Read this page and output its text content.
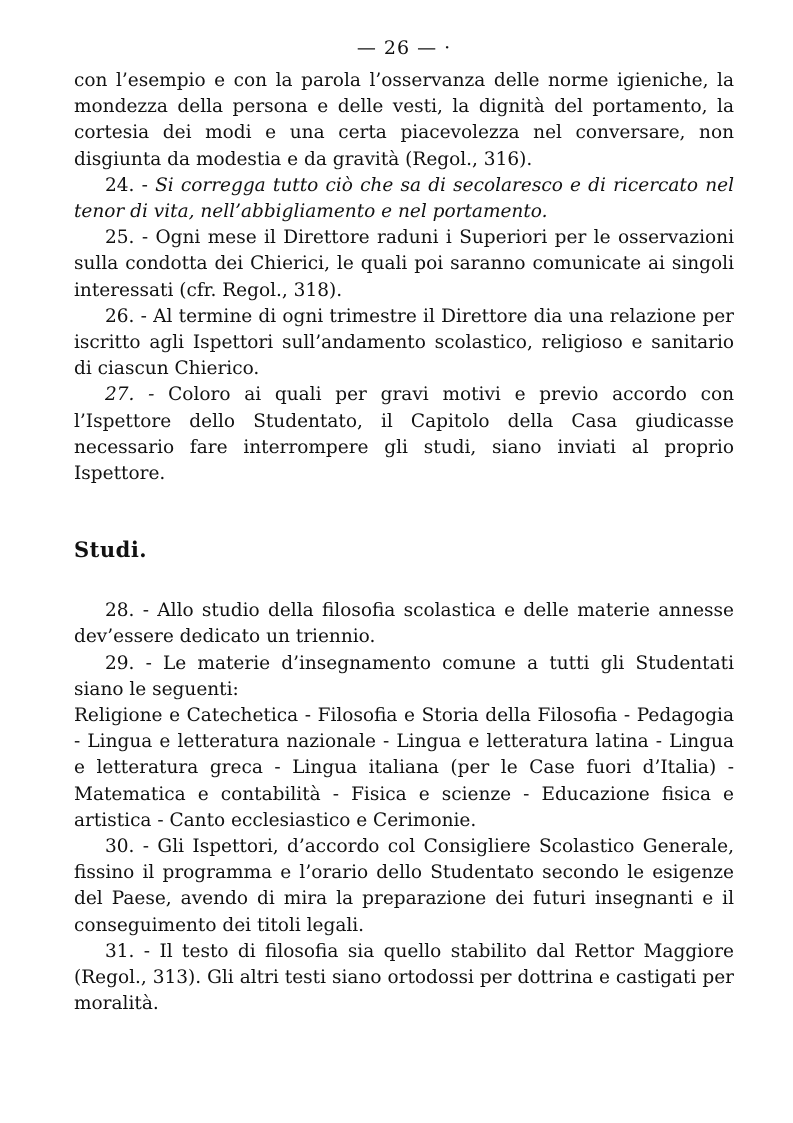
— 26 — ·

con l’esempio e con la parola l’osservanza delle norme igieniche, la mondezza della persona e delle vesti, la dignità del portamento, la cortesia dei modi e una certa piacevolezza nel conversare, non disgiunta da modestia e da gravità (Regol., 316).

24. - Si corregga tutto ciò che sa di secolaresco e di ricercato nel tenor di vita, nell’abbigliamento e nel portamento.

25. - Ogni mese il Direttore raduni i Superiori per le osservazioni sulla condotta dei Chierici, le quali poi saranno comunicate ai singoli interessati (cfr. Regol., 318).

26. - Al termine di ogni trimestre il Direttore dia una relazione per iscritto agli Ispettori sull’andamento scolastico, religioso e sanitario di ciascun Chierico.

27. - Coloro ai quali per gravi motivi e previo accordo con l’Ispettore dello Studentato, il Capitolo della Casa giudicasse necessario fare interrompere gli studi, siano inviati al proprio Ispettore.

Studi.

28. - Allo studio della filosofia scolastica e delle materie annesse dev’essere dedicato un triennio.

29. - Le materie d’insegnamento comune a tutti gli Studentati siano le seguenti:

Religione e Catechetica - Filosofia e Storia della Filosofia - Pedagogia - Lingua e letteratura nazionale - Lingua e letteratura latina - Lingua e letteratura greca - Lingua italiana (per le Case fuori d’Italia) - Matematica e contabilità - Fisica e scienze - Educazione fisica e artistica - Canto ecclesiastico e Cerimonie.

30. - Gli Ispettori, d’accordo col Consigliere Scolastico Generale, fissino il programma e l’orario dello Studentato secondo le esigenze del Paese, avendo di mira la preparazione dei futuri insegnanti e il conseguimento dei titoli legali.

31. - Il testo di filosofia sia quello stabilito dal Rettor Maggiore (Regol., 313). Gli altri testi siano ortodossi per dottrina e castigati per moralità.
